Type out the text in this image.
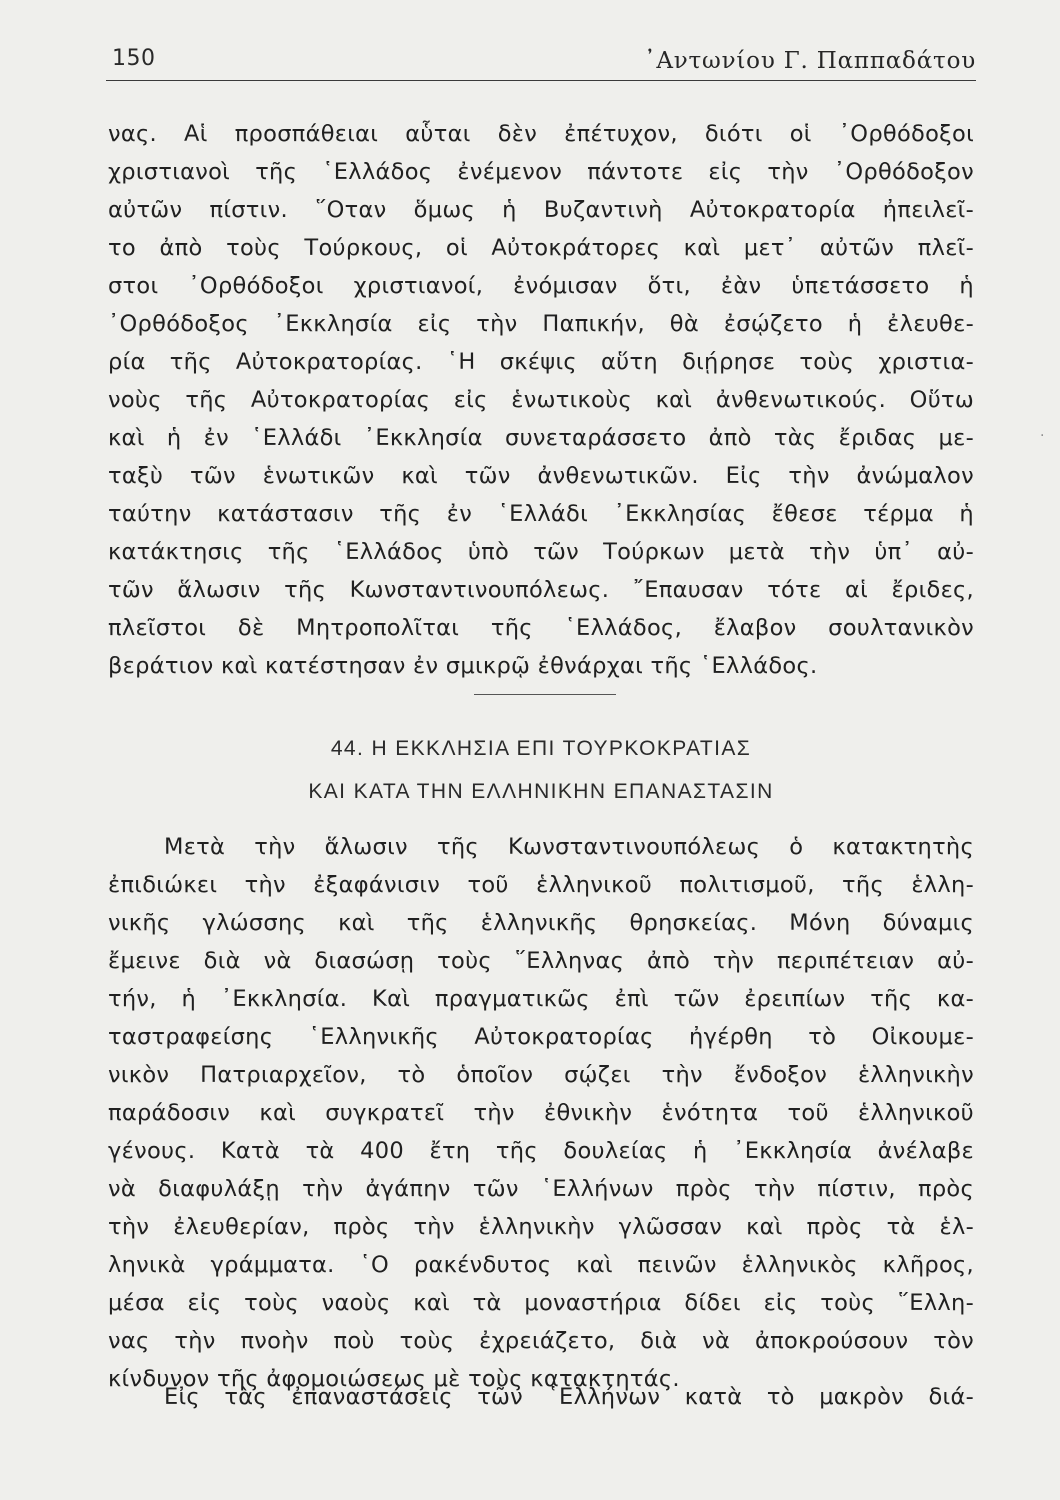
150	᾿Αντωνίου Γ. Παππαδάτου
νας. Αἱ προσπάθειαι αὗται δὲν ἐπέτυχον, διότι οἱ ᾿Ορθόδοξοι
χριστιανοὶ τῆς ῾Ελλάδος ἐνέμενον πάντοτε εἰς τὴν ᾿Ορθόδοξον
αὐτῶν πίστιν. ῞Οταν ὅμως ἡ Βυζαντινὴ Αὐτοκρατορία ἠπειλεῖ-
το ἀπὸ τοὺς Τούρκους, οἱ Αὐτοκράτορες καὶ μετ᾿ αὐτῶν πλεῖ-
στοι ᾿Ορθόδοξοι χριστιανοί, ἐνόμισαν ὅτι, ἐὰν ὑπετάσσετο ἡ
᾿Ορθόδοξος ᾿Εκκλησία εἰς τὴν Παπικήν, θὰ ἐσῴζετο ἡ ἐλευθε-
ρία τῆς Αὐτοκρατορίας. ῾Η σκέψις αὕτη διῄρησε τοὺς χριστια-
νοὺς τῆς Αὐτοκρατορίας εἰς ἑνωτικοὺς καὶ ἀνθενωτικούς. Οὕτω
καὶ ἡ ἐν ῾Ελλάδι ᾿Εκκλησία συνεταράσσετο ἀπὸ τὰς ἔριδας με-
ταξὺ τῶν ἑνωτικῶν καὶ τῶν ἀνθενωτικῶν. Εἰς τὴν ἀνώμαλον
ταύτην κατάστασιν τῆς ἐν ῾Ελλάδι ᾿Εκκλησίας ἔθεσε τέρμα ἡ
κατάκτησις τῆς ῾Ελλάδος ὑπὸ τῶν Τούρκων μετὰ τὴν ὑπ᾿ αὐ-
τῶν ἅλωσιν τῆς Κωνσταντινουπόλεως. ῎Επαυσαν τότε αἱ ἔριδες,
πλεῖστοι δὲ Μητροπολῖται τῆς ῾Ελλάδος, ἔλαβον σουλτανικὸν
βεράτιον καὶ κατέστησαν ἐν σμικρῷ ἐθνάρχαι τῆς ῾Ελλάδος.
44. Η ΕΚΚΛΗΣΙΑ ΕΠΙ ΤΟΥΡΚΟΚΡΑΤΙΑΣ
ΚΑΙ ΚΑΤΑ ΤΗΝ ΕΛΛΗΝΙΚΗΝ ΕΠΑΝΑΣΤΑΣΙΝ
Μετὰ τὴν ἅλωσιν τῆς Κωνσταντινουπόλεως ὁ κατακτητὴς
ἐπιδιώκει τὴν ἐξαφάνισιν τοῦ ἑλληνικοῦ πολιτισμοῦ, τῆς ἑλλη-
νικῆς γλώσσης καὶ τῆς ἑλληνικῆς θρησκείας. Μόνη δύναμις
ἔμεινε διὰ νὰ διασώσῃ τοὺς ῞Ελληνας ἀπὸ τὴν περιπέτειαν αὐ-
τήν, ἡ ᾿Εκκλησία. Καὶ πραγματικῶς ἐπὶ τῶν ἐρειπίων τῆς κα-
ταστραφείσης ῾Ελληνικῆς Αὐτοκρατορίας ἠγέρθη τὸ Οἰκουμε-
νικὸν Πατριαρχεῖον, τὸ ὁποῖον σῴζει τὴν ἔνδοξον ἑλληνικὴν
παράδοσιν καὶ συγκρατεῖ τὴν ἐθνικὴν ἑνότητα τοῦ ἑλληνικοῦ
γένους. Κατὰ τὰ 400 ἔτη τῆς δουλείας ἡ ᾿Εκκλησία ἀνέλαβε
νὰ διαφυλάξῃ τὴν ἀγάπην τῶν ῾Ελλήνων πρὸς τὴν πίστιν, πρὸς
τὴν ἐλευθερίαν, πρὸς τὴν ἑλληνικὴν γλῶσσαν καὶ πρὸς τὰ ἑλ-
ληνικὰ γράμματα. ῾Ο ρακένδυτος καὶ πεινῶν ἑλληνικὸς κλῆρος,
μέσα εἰς τοὺς ναοὺς καὶ τὰ μοναστήρια δίδει εἰς τοὺς ῞Ελλη-
νας τὴν πνοὴν ποὺ τοὺς ἐχρειάζετο, διὰ νὰ ἀποκρούσουν τὸν
κίνδυνον τῆς ἀφομοιώσεως μὲ τοὺς κατακτητάς.
Εἰς τὰς ἐπαναστάσεις τῶν ῾Ελλήνων κατὰ τὸ μακρὸν διά-
·
